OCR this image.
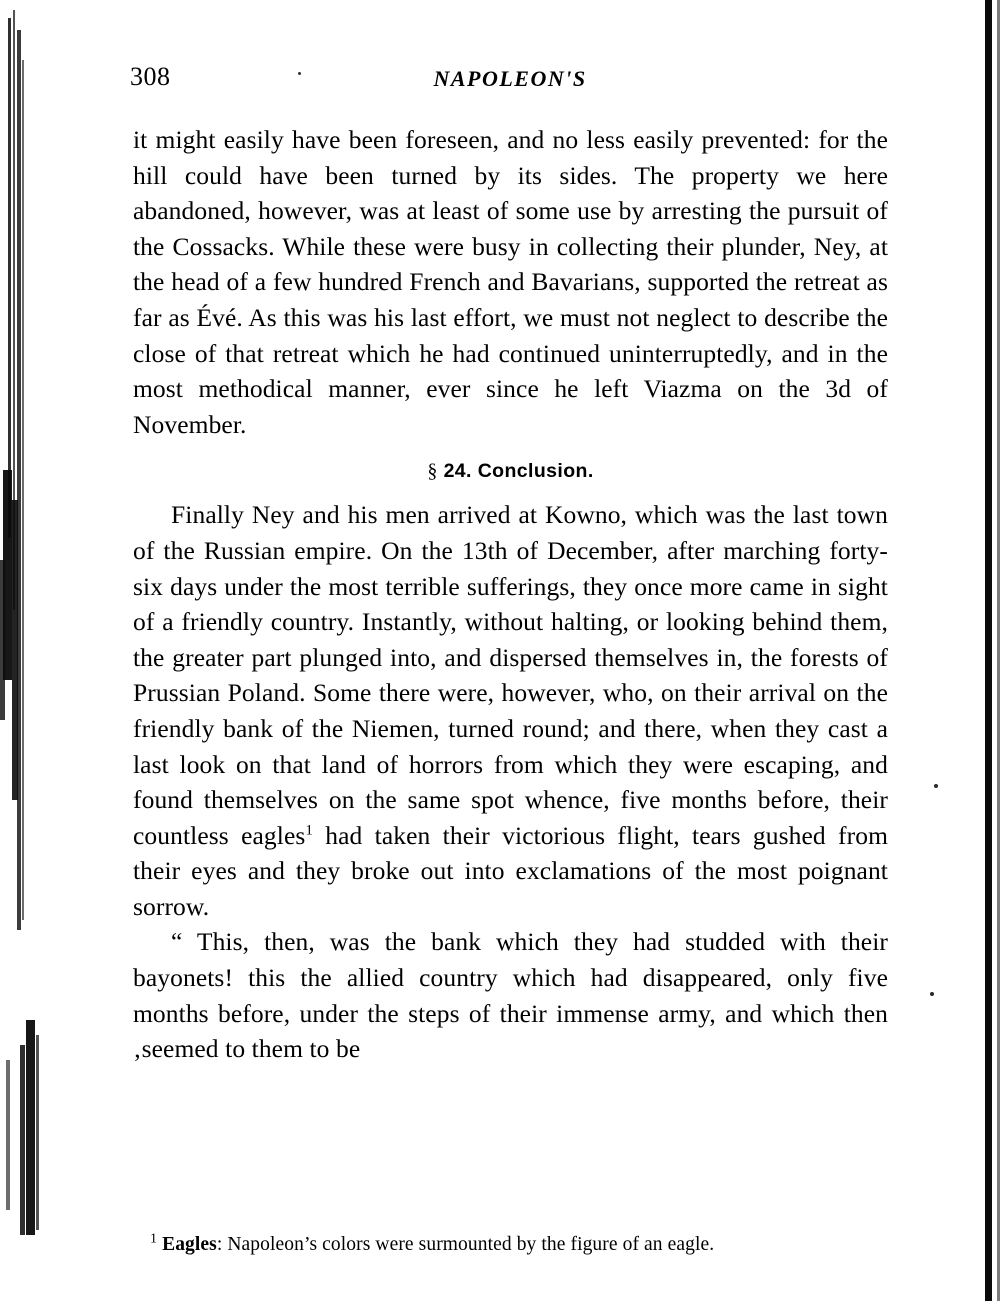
308	NAPOLEON'S

it might easily have been foreseen, and no less easily prevented: for the hill could have been turned by its sides. The property we here abandoned, however, was at least of some use by arresting the pursuit of the Cossacks. While these were busy in collecting their plunder, Ney, at the head of a few hundred French and Bavarians, supported the retreat as far as Évé. As this was his last effort, we must not neglect to describe the close of that retreat which he had continued uninterruptedly, and in the most methodical manner, ever since he left Viazma on the 3d of November.

§ 24. Conclusion.

Finally Ney and his men arrived at Kowno, which was the last town of the Russian empire. On the 13th of December, after marching forty-six days under the most terrible sufferings, they once more came in sight of a friendly country. Instantly, without halting, or looking behind them, the greater part plunged into, and dispersed themselves in, the forests of Prussian Poland. Some there were, however, who, on their arrival on the friendly bank of the Niemen, turned round; and there, when they cast a last look on that land of horrors from which they were escaping, and found themselves on the same spot whence, five months before, their countless eagles$^1$ had taken their victorious flight, tears gushed from their eyes and they broke out into exclamations of the most poignant sorrow.

“ This, then, was the bank which they had studded with their bayonets! this the allied country which had disappeared, only five months before, under the steps of their immense army, and which then ‚seemed to them to be

$^1$ Eagles: Napoleon’s colors were surmounted by the figure of an eagle.
